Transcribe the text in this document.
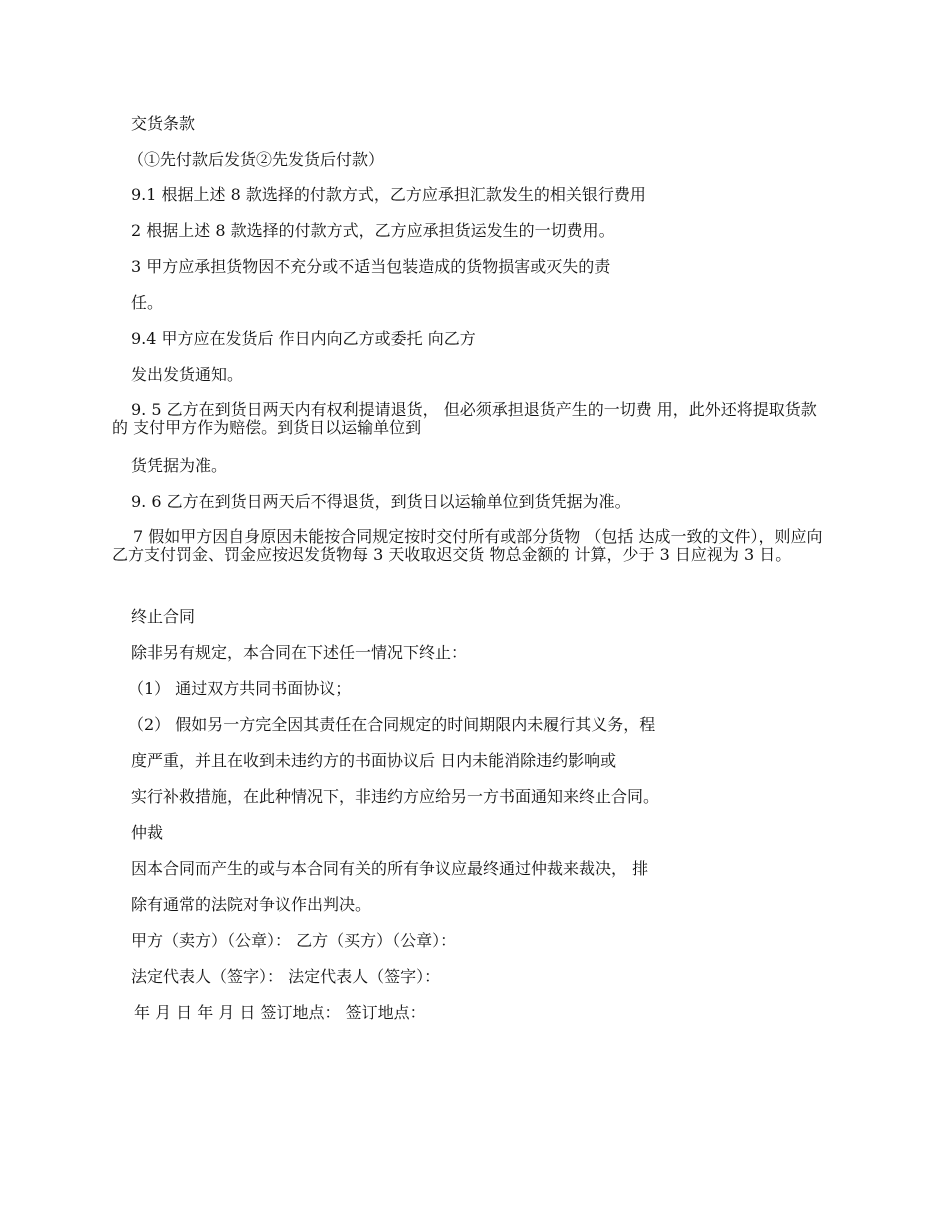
交货条款
（①先付款后发货②先发货后付款）
9.1 根据上述 8 款选择的付款方式，乙方应承担汇款发生的相关银行费用
2 根据上述 8 款选择的付款方式，乙方应承担货运发生的一切费用。
3 甲方应承担货物因不充分或不适当包装造成的货物损害或灭失的责
任。
9.4 甲方应在发货后 作日内向乙方或委托 向乙方
发出发货通知。
9. 5 乙方在到货日两天内有权利提请退货， 但必须承担退货产生的一切费 用，此外还将提取货款的 支付甲方作为赔偿。到货日以运输单位到
货凭据为准。
9. 6 乙方在到货日两天后不得退货，到货日以运输单位到货凭据为准。
7 假如甲方因自身原因未能按合同规定按时交付所有或部分货物 （包括 达成一致的文件），则应向乙方支付罚金、罚金应按迟发货物每 3 天收取迟交货 物总金额的 计算，少于 3 日应视为 3 日。
终止合同
除非另有规定，本合同在下述任一情况下终止：
（1） 通过双方共同书面协议；
（2） 假如另一方完全因其责任在合同规定的时间期限内未履行其义务，程
度严重，并且在收到未违约方的书面协议后 日内未能消除违约影响或
实行补救措施，在此种情况下，非违约方应给另一方书面通知来终止合同。
仲裁
因本合同而产生的或与本合同有关的所有争议应最终通过仲裁来裁决， 排
除有通常的法院对争议作出判决。
甲方（卖方）（公章）： 乙方（买方）（公章）：
法定代表人（签字）： 法定代表人（签字）：
年 月 日 年 月 日 签订地点： 签订地点：
